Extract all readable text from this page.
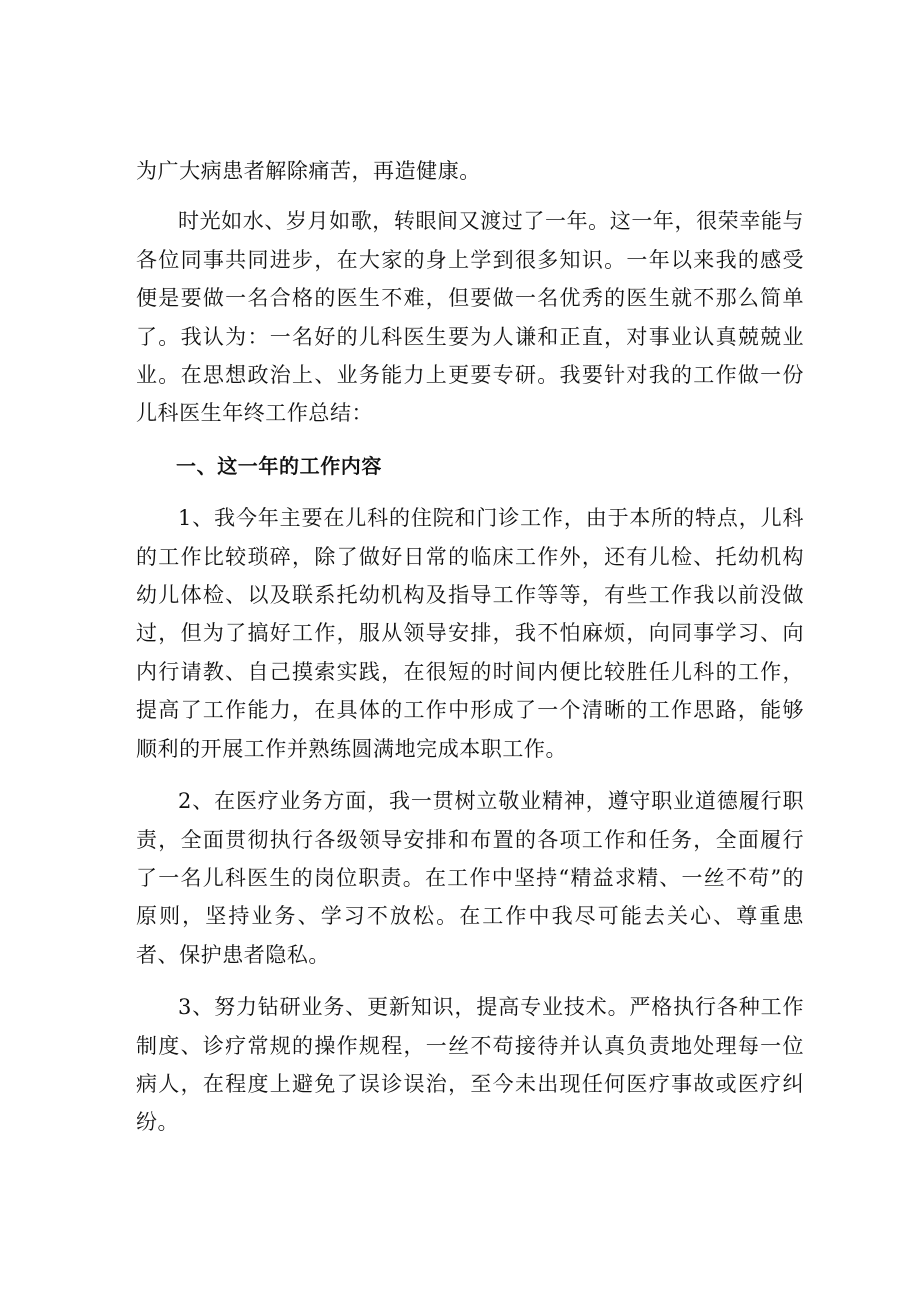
为广大病患者解除痛苦，再造健康。

时光如水、岁月如歌，转眼间又渡过了一年。这一年，很荣幸能与各位同事共同进步，在大家的身上学到很多知识。一年以来我的感受便是要做一名合格的医生不难，但要做一名优秀的医生就不那么简单了。我认为：一名好的儿科医生要为人谦和正直，对事业认真兢兢业业。在思想政治上、业务能力上更要专研。我要针对我的工作做一份儿科医生年终工作总结：

一、这一年的工作内容

1、我今年主要在儿科的住院和门诊工作，由于本所的特点，儿科的工作比较琐碎，除了做好日常的临床工作外，还有儿检、托幼机构幼儿体检、以及联系托幼机构及指导工作等等，有些工作我以前没做过，但为了搞好工作，服从领导安排，我不怕麻烦，向同事学习、向内行请教、自己摸索实践，在很短的时间内便比较胜任儿科的工作，提高了工作能力，在具体的工作中形成了一个清晰的工作思路，能够顺利的开展工作并熟练圆满地完成本职工作。

2、在医疗业务方面，我一贯树立敬业精神，遵守职业道德履行职责，全面贯彻执行各级领导安排和布置的各项工作和任务，全面履行了一名儿科医生的岗位职责。在工作中坚持“精益求精、一丝不苟”的原则，坚持业务、学习不放松。在工作中我尽可能去关心、尊重患者、保护患者隐私。

3、努力钻研业务、更新知识，提高专业技术。严格执行各种工作制度、诊疗常规的操作规程，一丝不苟接待并认真负责地处理每一位病人，在程度上避免了误诊误治，至今未出现任何医疗事故或医疗纠纷。
